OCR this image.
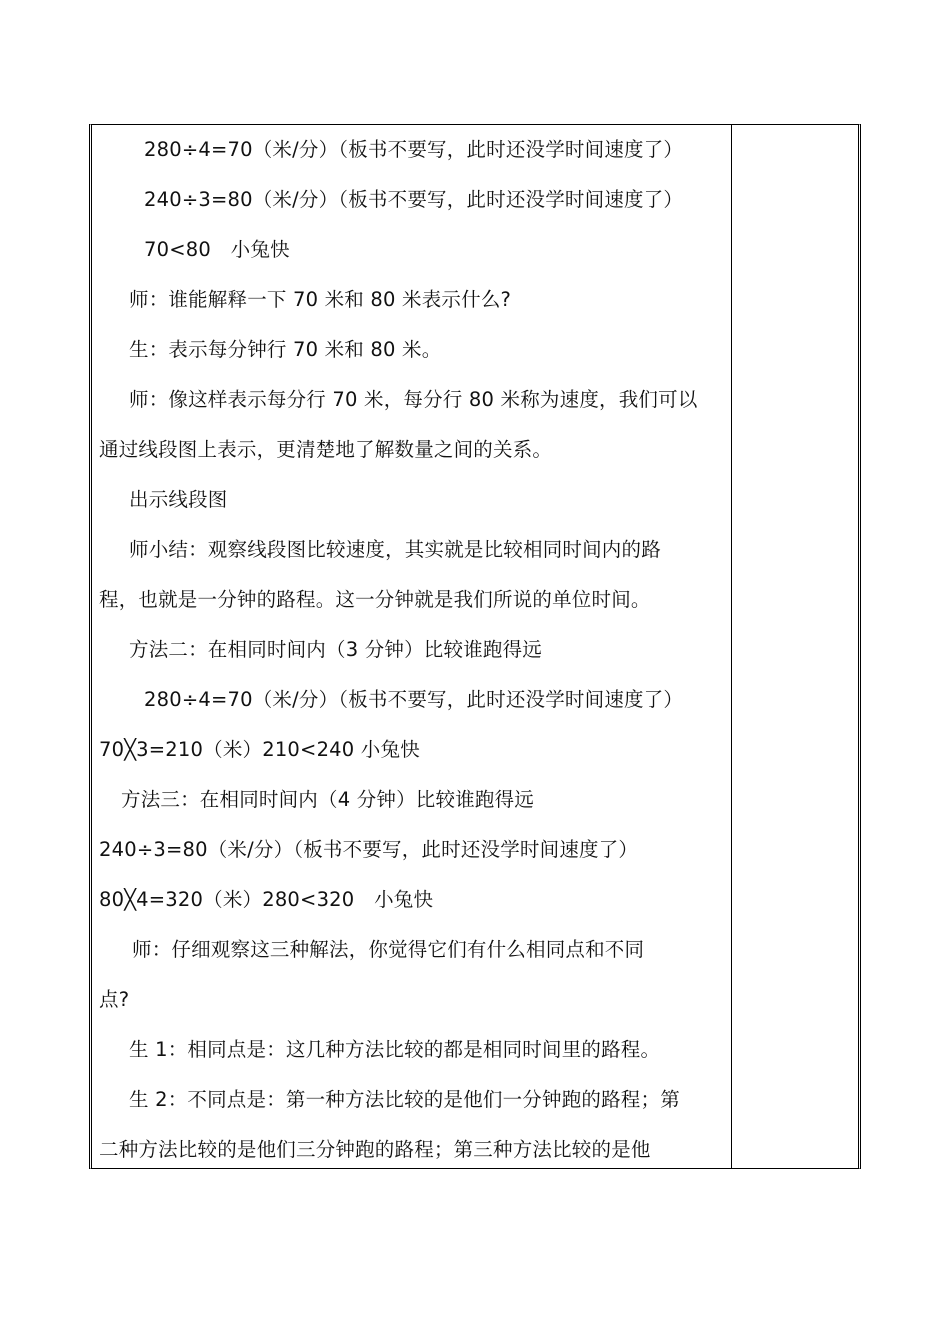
280÷4=70（米/分）（板书不要写，此时还没学时间速度了）
240÷3=80（米/分）（板书不要写，此时还没学时间速度了）
70<80　小兔快
师：谁能解释一下 70 米和 80 米表示什么?
生：表示每分钟行 70 米和 80 米。
师：像这样表示每分行 70 米，每分行 80 米称为速度，我们可以
通过线段图上表示，更清楚地了解数量之间的关系。
出示线段图
师小结：观察线段图比较速度，其实就是比较相同时间内的路
程，也就是一分钟的路程。这一分钟就是我们所说的单位时间。
方法二：在相同时间内（3 分钟）比较谁跑得远
280÷4=70（米/分）（板书不要写，此时还没学时间速度了）
70╳3=210（米）210<240 小兔快
方法三：在相同时间内（4 分钟）比较谁跑得远
240÷3=80（米/分）（板书不要写，此时还没学时间速度了）
80╳4=320（米）280<320　小兔快
师：仔细观察这三种解法，你觉得它们有什么相同点和不同
点?
生 1：相同点是：这几种方法比较的都是相同时间里的路程。
生 2：不同点是：第一种方法比较的是他们一分钟跑的路程；第
二种方法比较的是他们三分钟跑的路程；第三种方法比较的是他
